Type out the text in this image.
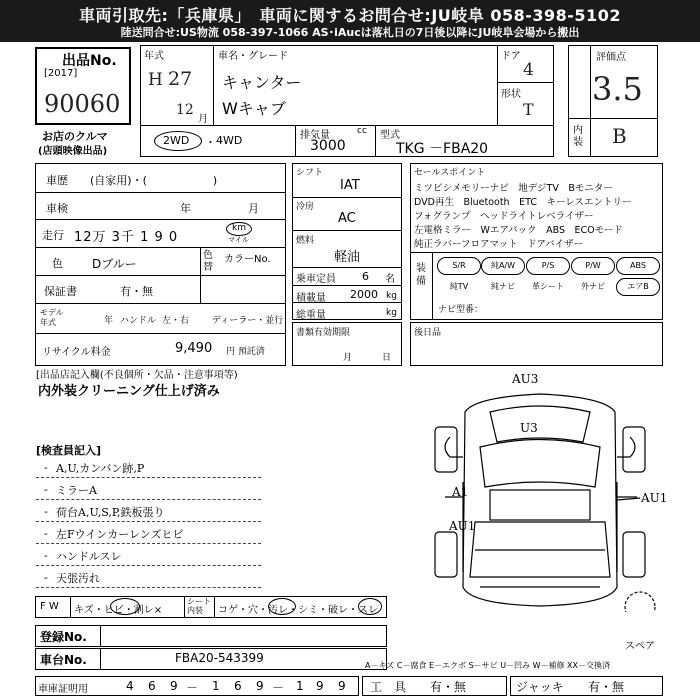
車両引取先:「兵庫県」　車両に関するお問合せ:JU岐阜 058-398-5102
陸送問合せ:US物流 058-397-1066 AS･iAucは落札日の7日後以降にJU岐阜会場から搬出
出品No.
[2017]
90060
お店のクルマ
(店頭映像出品)
年式
H 27
12
月
車名・グレード
キャンター
Wキャブ
ドア
4
形状
T
2WD ・ 4WD	排気量	cc
3000
型式
TKG －FBA20
評価点
3.5
内装 B
車歴 (自家用)・(　　　　　　)
車検	年	月
走行 12万 3千 1 9 0
km
マイル
色 Dブルー
色替
カラーNo.
保証書	有・無
モデル年式	年 ハンドル 左・右	ディーラー・並行
リサイクル料金	9,490 円 預託済
シフト
IAT
冷房
AC
燃料
軽油
乗車定員 6 名
積載量 2000 kg
総重量	kg
書類有効期限
月	日
セールスポイント
ミツビシメモリーナビ　地デジTV　Bモニター
DVD再生　Bluetooth　ETC　キーレスエントリー
フォグランプ　ヘッドライトレベライザー
左電格ミラー　Wエアバック　ABS　ECOモード
純正ラバーフロアマット　ドアバイザー
装備
S/R	純A/W	P/S	P/W	ABS
純TV	純ナビ	革シート	外ナビ	エアB
ナビ型番：
後日品
[出品店記入欄(不良個所・欠品・注意事項等)
内外装クリーニング仕上げ済み
[検査員記入]
- A,U,カンバン跡,P
- ミラーA
- 荷台A,U,S,P,鉄板張り
- 左Fウインカーレンズヒビ
- ハンドルスレ
- 天張汚れ
AU3
U3
A1
AU1
AU1
スペア
F W キズ・ヒビ・割レ×
シート内装	コゲ・穴・汚レ・シミ・破レ・スレ
登録No.
車台No.	FBA20-543399
A－キズ C－腐食 E－エクボ S－サビ U－凹み W－補修 XX－交換済
車庫証明用	4 6 9 － 1 6 9 － 1 9 9 工　具 有・無	ジャッキ 有・無
